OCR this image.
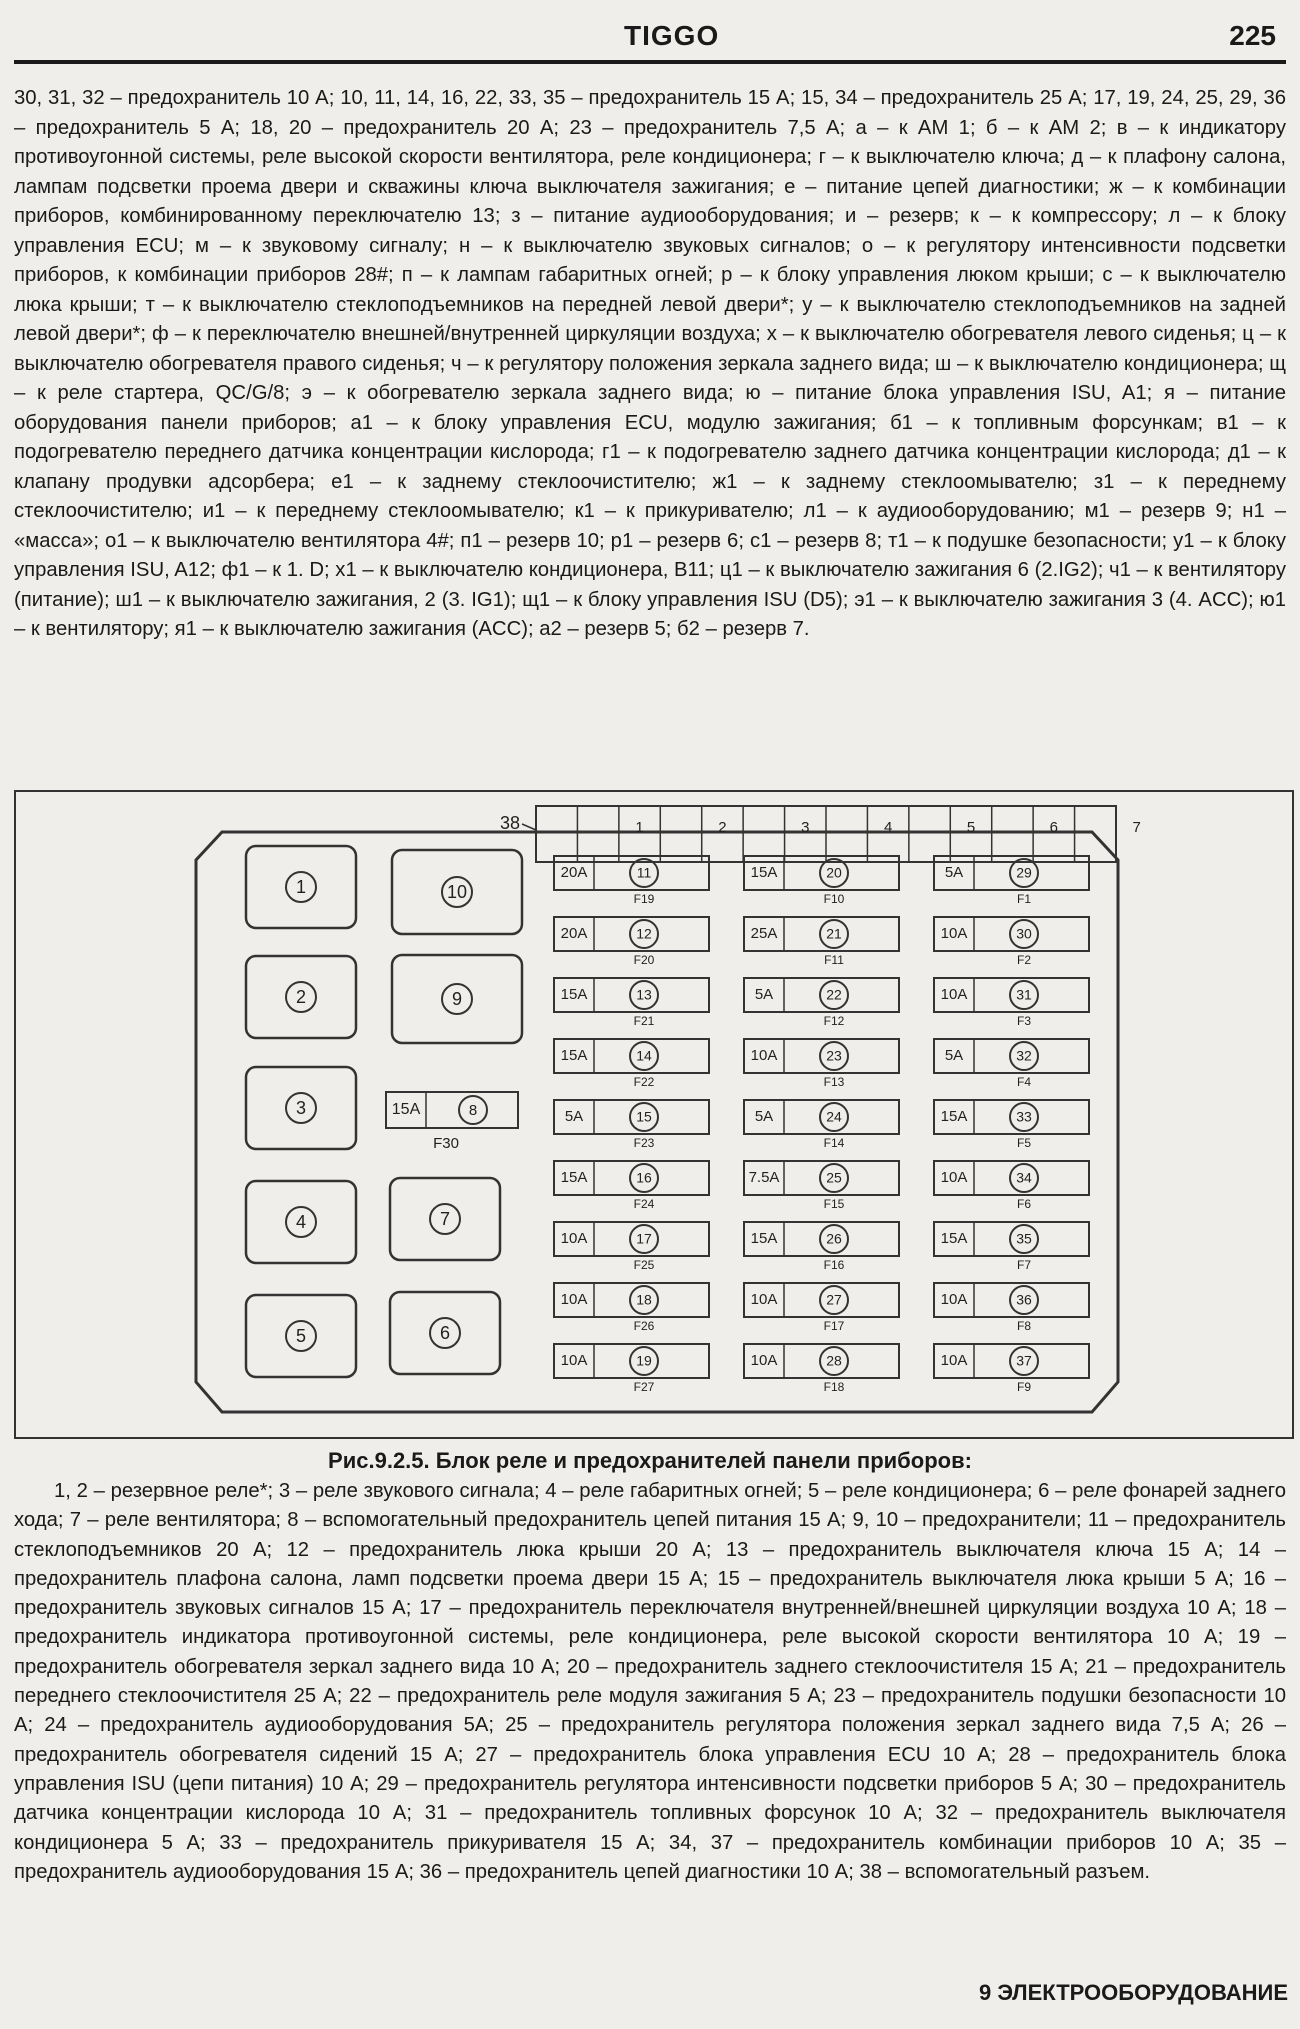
TIGGO	225
30, 31, 32 – предохранитель 10 А; 10, 11, 14, 16, 22, 33, 35 – предохранитель 15 А; 15, 34 – предохранитель 25 А; 17, 19, 24, 25, 29, 36 – предохранитель 5 А; 18, 20 – предохранитель 20 А; 23 – предохранитель 7,5 А; а – к АМ 1; б – к АМ 2; в – к индикатору противоугонной системы, реле высокой скорости вентилятора, реле кондиционера; г – к выключателю ключа; д – к плафону салона, лампам подсветки проема двери и скважины ключа выключателя зажигания; е – питание цепей диагностики; ж – к комбинации приборов, комбинированному переключателю 13; з – питание аудиооборудования; и – резерв; к – к компрессору; л – к блоку управления ECU; м – к звуковому сигналу; н – к выключателю звуковых сигналов; о – к регулятору интенсивности подсветки приборов, к комбинации приборов 28#; п – к лампам габаритных огней; р – к блоку управления люком крыши; с – к выключателю люка крыши; т – к выключателю стеклоподъемников на передней левой двери*; у – к выключателю стеклоподъемников на задней левой двери*; ф – к переключателю внешней/внутренней циркуляции воздуха; х – к выключателю обогревателя левого сиденья; ц – к выключателю обогревателя правого сиденья; ч – к регулятору положения зеркала заднего вида; ш – к выключателю кондиционера; щ – к реле стартера, QC/G/8; э – к обогревателю зеркала заднего вида; ю – питание блока управления ISU, A1; я – питание оборудования панели приборов; а1 – к блоку управления ECU, модулю зажигания; б1 – к топливным форсункам; в1 – к подогревателю переднего датчика концентрации кислорода; г1 – к подогревателю заднего датчика концентрации кислорода; д1 – к клапану продувки адсорбера; е1 – к заднему стеклоочистителю; ж1 – к заднему стеклоомывателю; з1 – к переднему стеклоочистителю; и1 – к переднему стеклоомывателю; к1 – к прикуривателю; л1 – к аудиооборудованию; м1 – резерв 9; н1 – «масса»; о1 – к выключателю вентилятора 4#; п1 – резерв 10; р1 – резерв 6; с1 – резерв 8; т1 – к подушке безопасности; у1 – к блоку управления ISU, A12; ф1 – к 1. D; х1 – к выключателю кондиционера, B11; ц1 – к выключателю зажигания 6 (2.IG2); ч1 – к вентилятору (питание); ш1 – к выключателю зажигания, 2 (3. IG1); щ1 – к блоку управления ISU (D5); э1 – к выключателю зажигания 3 (4. ACC); ю1 – к вентилятору; я1 – к выключателю зажигания (ACC); а2 – резерв 5; б2 – резерв 7.
1	2	3	4	5	6	7
38
1
2
3
4
5
7
6
9
10
15A	8
F30
20A	11
F19
20A	12
F20
15A	13
F21
15A	14
F22
5A	15
F23
15A	16
F24
10A	17
F25
10A	18
F26
10A	19
F27
15A	20
F10
25A	21
F11
5A	22
F12
10A	23
F13
5A	24
F14
7.5A	25
F15
15A	26
F16
10A	27
F17
10A	28
F18
5A	29
F1
10A	30
F2
10A	31
F3
5A	32
F4
15A	33
F5
10A	34
F6
15A	35
F7
10A	36
F8
10A	37
F9
Рис.9.2.5. Блок реле и предохранителей панели приборов:
1, 2 – резервное реле*; 3 – реле звукового сигнала; 4 – реле габаритных огней; 5 – реле кондиционера; 6 – реле фонарей заднего хода; 7 – реле вентилятора; 8 – вспомогательный предохранитель цепей питания 15 А; 9, 10 – предохранители; 11 – предохранитель стеклоподъемников 20 А; 12 – предохранитель люка крыши 20 А; 13 – предохранитель выключателя ключа 15 А; 14 – предохранитель плафона салона, ламп подсветки проема двери 15 А; 15 – предохранитель выключателя люка крыши 5 А; 16 – предохранитель звуковых сигналов 15 А; 17 – предохранитель переключателя внутренней/внешней циркуляции воздуха 10 А; 18 – предохранитель индикатора противоугонной системы, реле кондиционера, реле высокой скорости вентилятора 10 А; 19 – предохранитель обогревателя зеркал заднего вида 10 А; 20 – предохранитель заднего стеклоочистителя 15 А; 21 – предохранитель переднего стеклоочистителя 25 А; 22 – предохранитель реле модуля зажигания 5 А; 23 – предохранитель подушки безопасности 10 А; 24 – предохранитель аудиооборудования 5А; 25 – предохранитель регулятора положения зеркал заднего вида 7,5 А; 26 – предохранитель обогревателя сидений 15 А; 27 – предохранитель блока управления ECU 10 А; 28 – предохранитель блока управления ISU (цепи питания) 10 А; 29 – предохранитель регулятора интенсивности подсветки приборов 5 А; 30 – предохранитель датчика концентрации кислорода 10 А; 31 – предохранитель топливных форсунок 10 А; 32 – предохранитель выключателя кондиционера 5 А; 33 – предохранитель прикуривателя 15 А; 34, 37 – предохранитель комбинации приборов 10 А; 35 – предохранитель аудиооборудования 15 А; 36 – предохранитель цепей диагностики 10 А; 38 – вспомогательный разъем.
9 ЭЛЕКТРООБОРУДОВАНИЕ
